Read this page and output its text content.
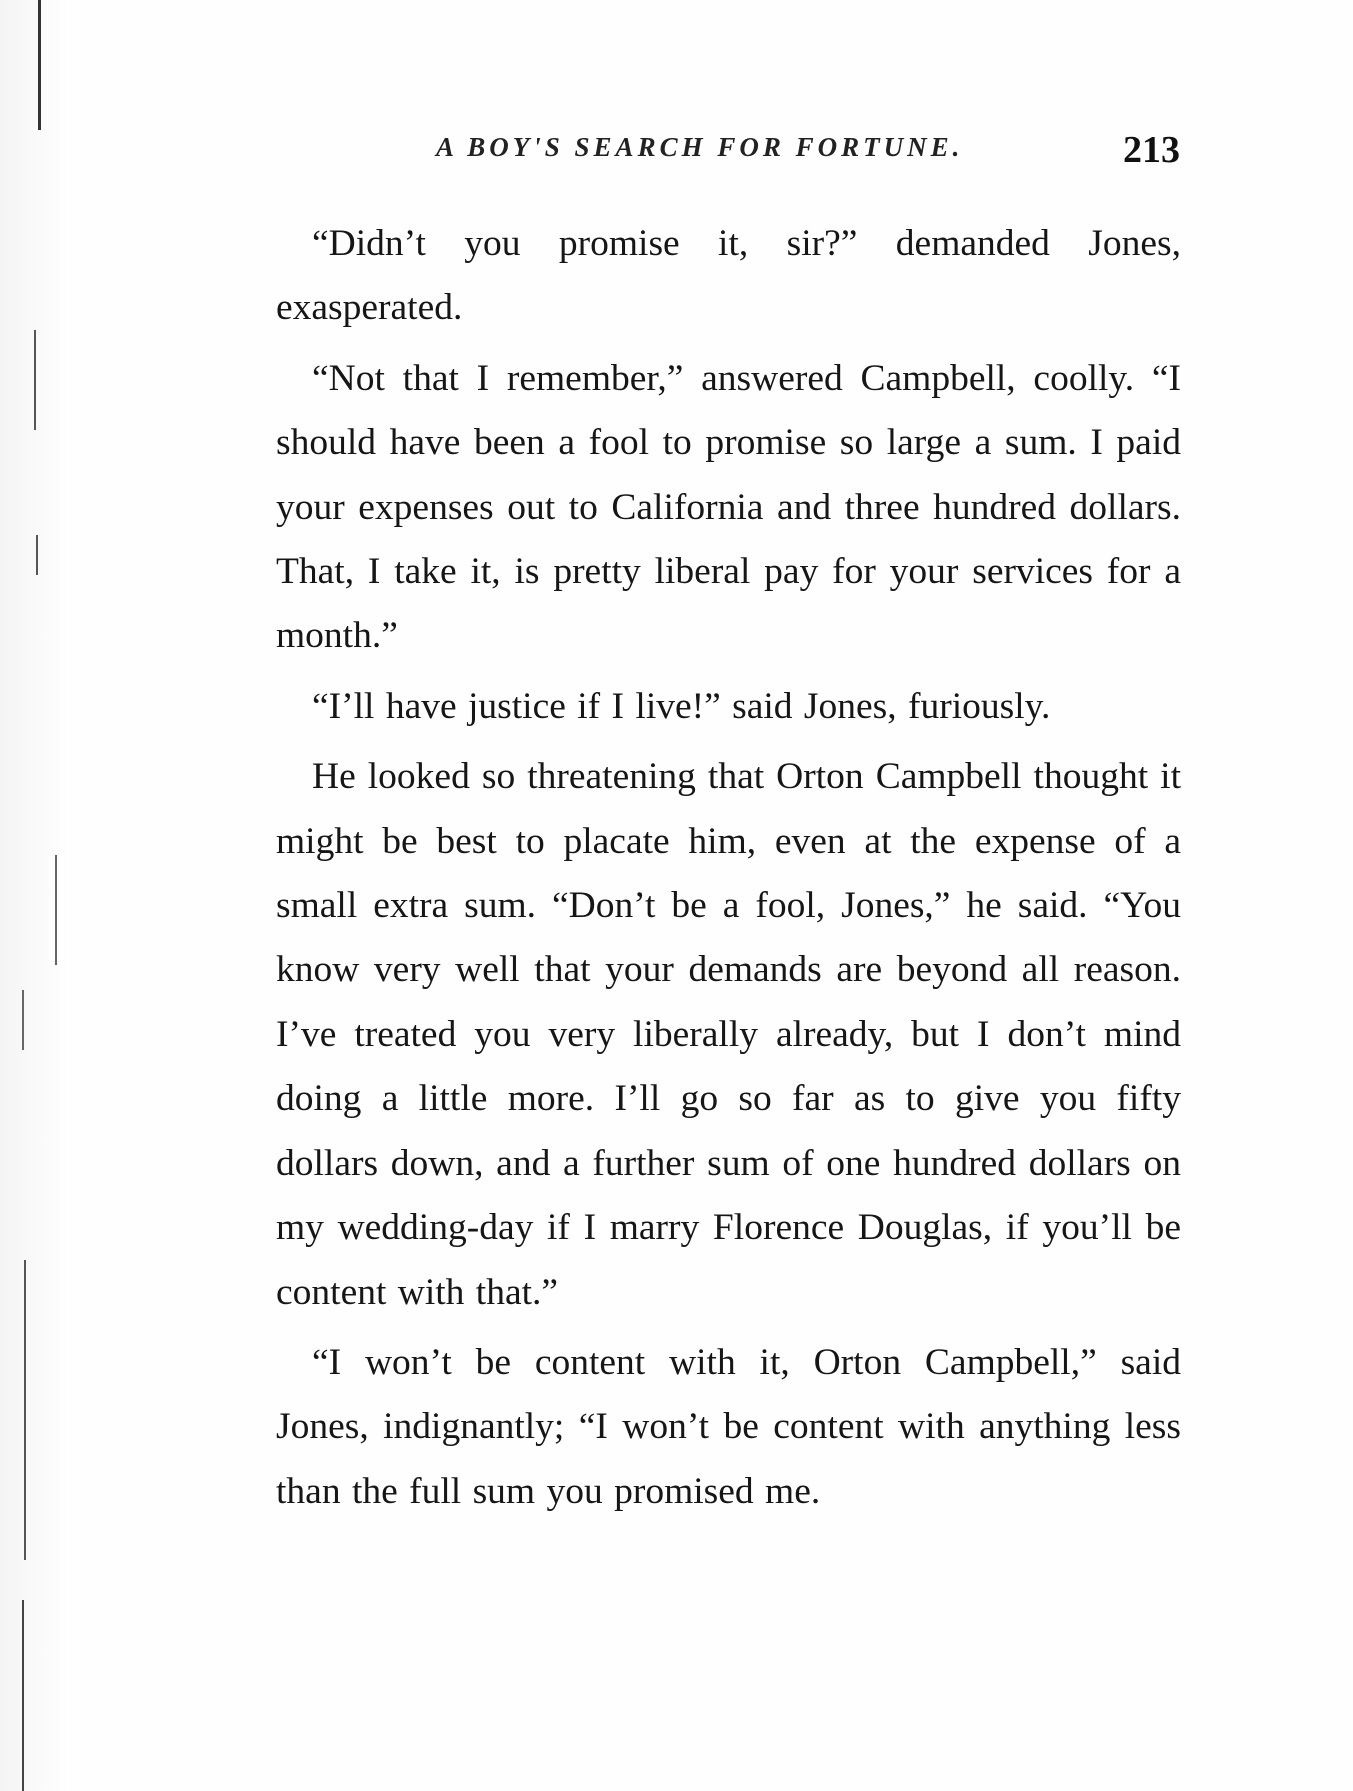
A BOY'S SEARCH FOR FORTUNE.	213

“Didn’t you promise it, sir?” demanded Jones, exasperated.

“Not that I remember,” answered Campbell, coolly. “I should have been a fool to promise so large a sum. I paid your expenses out to California and three hundred dollars. That, I take it, is pretty liberal pay for your services for a month.”

“I’ll have justice if I live!” said Jones, furiously.

He looked so threatening that Orton Campbell thought it might be best to placate him, even at the expense of a small extra sum. “Don’t be a fool, Jones,” he said. “You know very well that your demands are beyond all reason. I’ve treated you very liberally already, but I don’t mind doing a little more. I’ll go so far as to give you fifty dollars down, and a further sum of one hundred dollars on my wedding-day if I marry Florence Douglas, if you’ll be content with that.”

“I won’t be content with it, Orton Campbell,” said Jones, indignantly; “I won’t be content with anything less than the full sum you promised me.
